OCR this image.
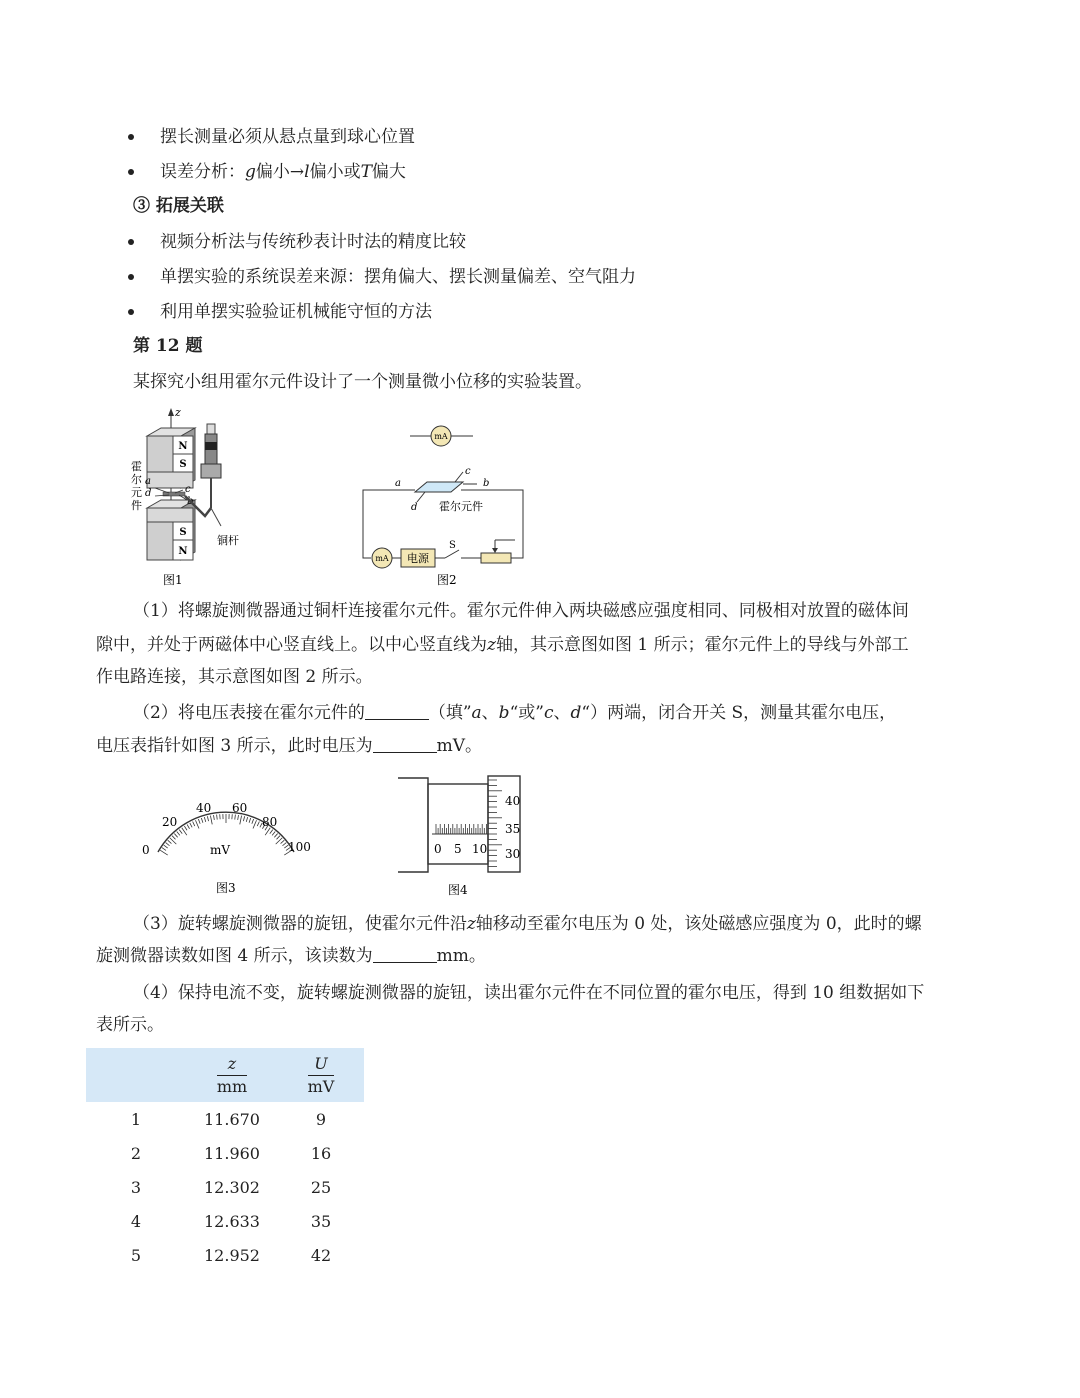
摆长测量必须从悬点量到球心位置
误差分析：g偏小→l偏小或T偏大
③ 拓展关联
视频分析法与传统秒表计时法的精度比较
单摆实验的系统误差来源：摆角偏大、摆长测量偏差、空气阻力
利用单摆实验验证机械能守恒的方法
第 12 题
某探究小组用霍尔元件设计了一个测量微小位移的实验装置。
z
N
S
S
N
霍
尔
元
件
a
d	c
b
铜杆
图1
mA
mA 电源
S
a	b
c
d 霍尔元件
图2
（1）将螺旋测微器通过铜杆连接霍尔元件。霍尔元件伸入两块磁感应强度相同、同极相对放置的磁体间
隙中，并处于两磁体中心竖直线上。以中心竖直线为z轴，其示意图如图 1 所示；霍尔元件上的导线与外部工
作电路连接，其示意图如图 2 所示。
（2）将电压表接在霍尔元件的	（填”a、b“或”c、d“）两端，闭合开关 S，测量其霍尔电压，
电压表指针如图 3 所示，此时电压为	mV。
0
20
40 60
80
100
mV
图3
0 5 10
40
35
30
图4
（3）旋转螺旋测微器的旋钮，使霍尔元件沿z轴移动至霍尔电压为 0 处，该处磁感应强度为 0，此时的螺
旋测微器读数如图 4 所示，该读数为	mm。
（4）保持电流不变，旋转螺旋测微器的旋钮，读出霍尔元件在不同位置的霍尔电压，得到 10 组数据如下
表所示。

	$\frac{z}{mm}$	$\frac{U}{mV}$

1	11.670	9
2	11.960	16
3	12.302	25
4	12.633	35
5	12.952	42
